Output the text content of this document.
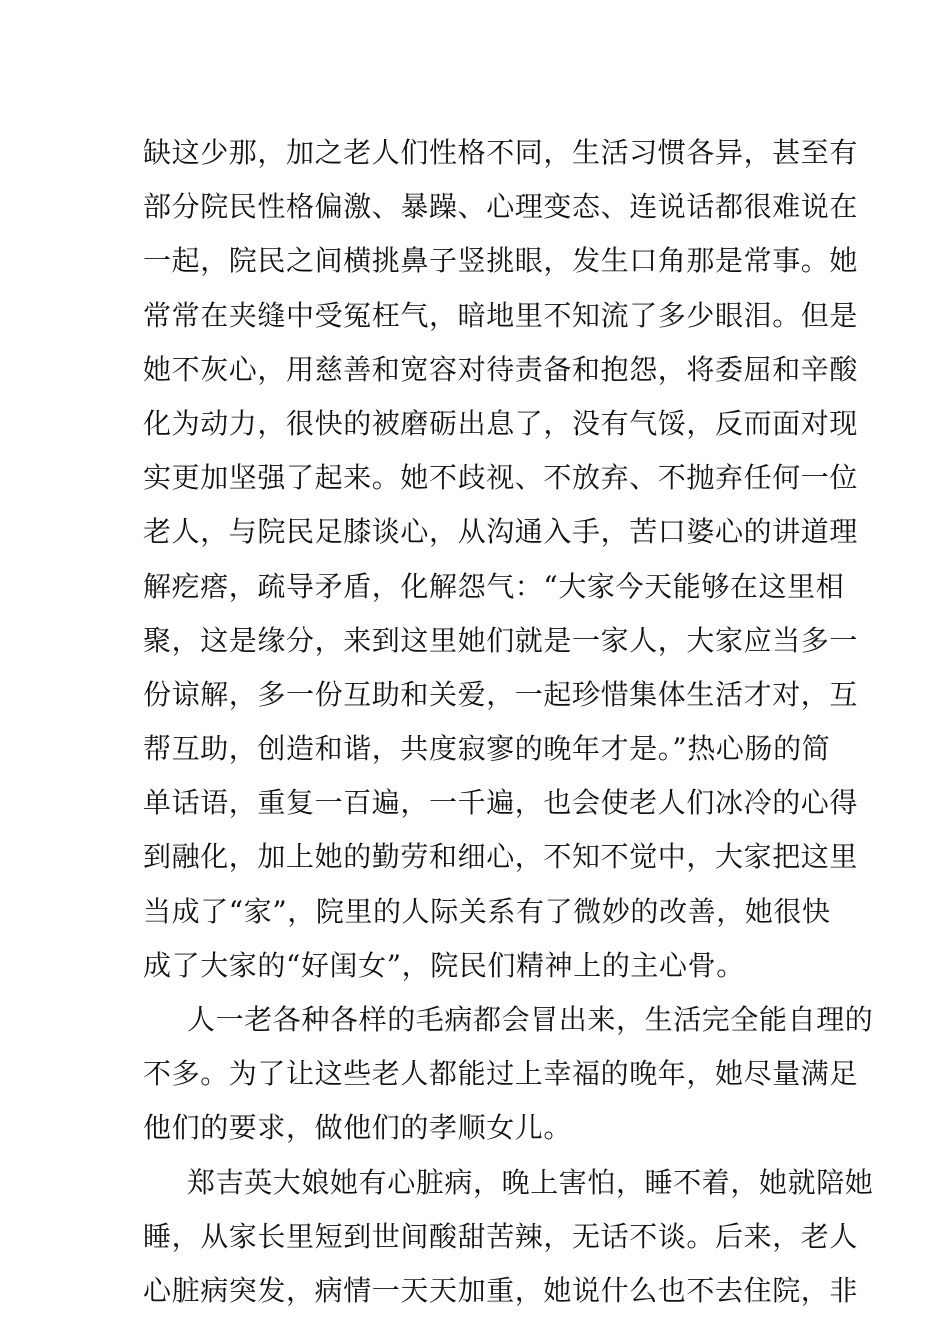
缺这少那，加之老人们性格不同，生活习惯各异，甚至有
部分院民性格偏激、暴躁、心理变态、连说话都很难说在
一起，院民之间横挑鼻子竖挑眼，发生口角那是常事。她
常常在夹缝中受冤枉气，暗地里不知流了多少眼泪。但是
她不灰心，用慈善和宽容对待责备和抱怨，将委屈和辛酸
化为动力，很快的被磨砺出息了，没有气馁，反而面对现
实更加坚强了起来。她不歧视、不放弃、不抛弃任何一位
老人，与院民足膝谈心，从沟通入手，苦口婆心的讲道理
解疙瘩，疏导矛盾，化解怨气：“大家今天能够在这里相
聚，这是缘分，来到这里她们就是一家人，大家应当多一
份谅解，多一份互助和关爱，一起珍惜集体生活才对，互
帮互助，创造和谐，共度寂寥的晚年才是。”热心肠的简
单话语，重复一百遍，一千遍，也会使老人们冰冷的心得
到融化，加上她的勤劳和细心，不知不觉中，大家把这里
当成了“家”，院里的人际关系有了微妙的改善，她很快
成了大家的“好闺女”，院民们精神上的主心骨。
人一老各种各样的毛病都会冒出来，生活完全能自理的
不多。为了让这些老人都能过上幸福的晚年，她尽量满足
他们的要求，做他们的孝顺女儿。
郑吉英大娘她有心脏病，晚上害怕，睡不着，她就陪她
睡，从家长里短到世间酸甜苦辣，无话不谈。后来，老人
心脏病突发，病情一天天加重，她说什么也不去住院，非
